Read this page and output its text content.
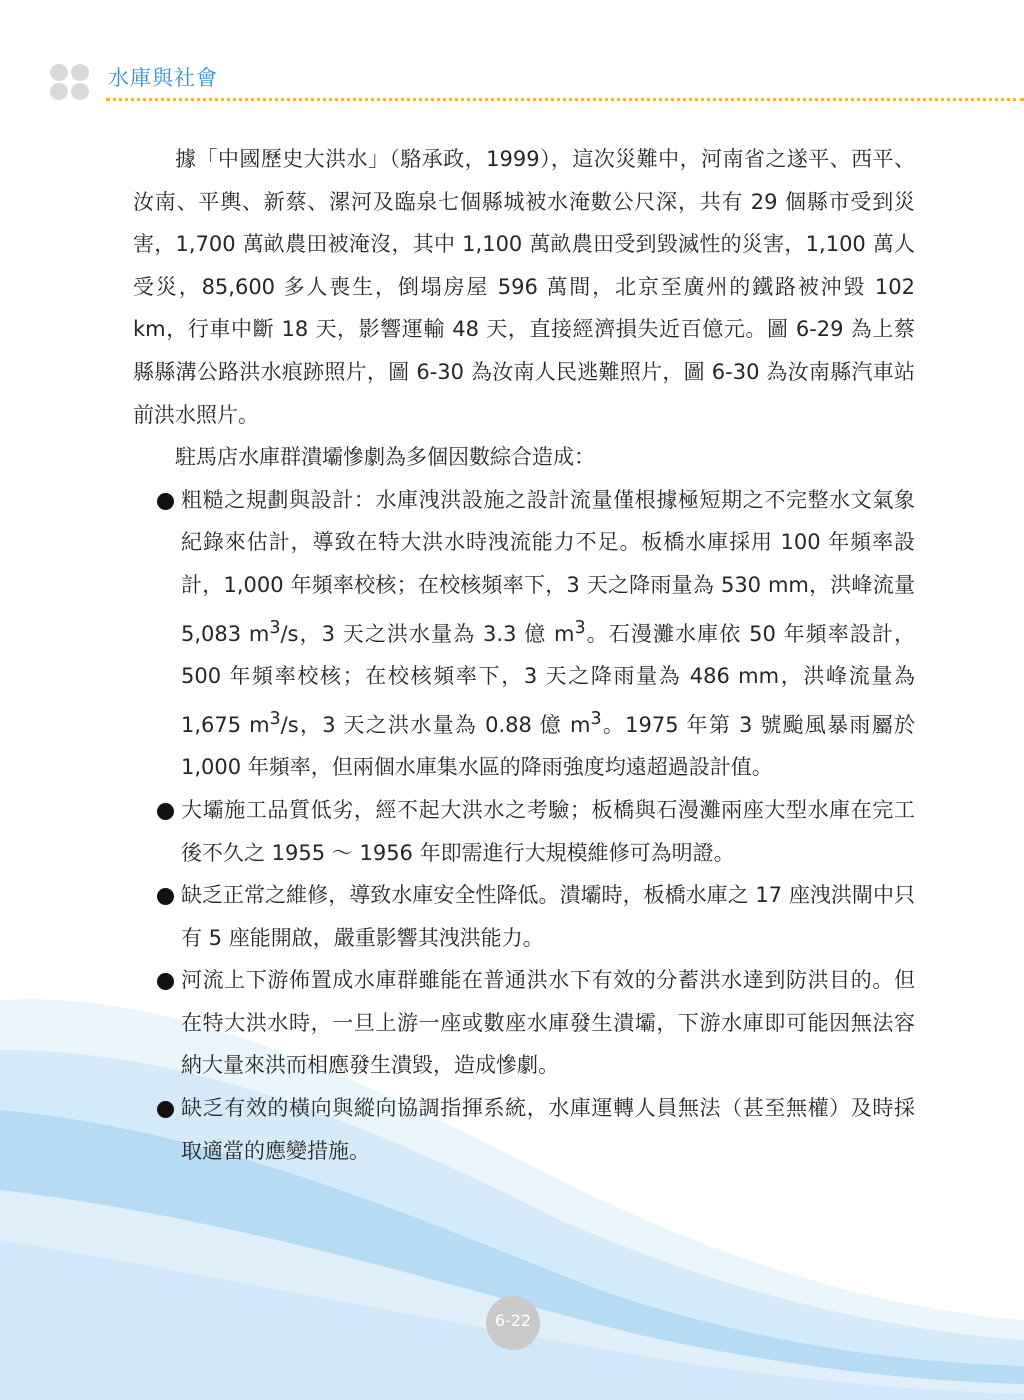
水庫與社會

據「中國歷史大洪水」（駱承政，1999），這次災難中，河南省之遂平、西平、汝南、平輿、新蔡、漯河及臨泉七個縣城被水淹數公尺深，共有 29 個縣市受到災害，1,700 萬畝農田被淹沒，其中 1,100 萬畝農田受到毀滅性的災害，1,100 萬人受災，85,600 多人喪生，倒塌房屋 596 萬間，北京至廣州的鐵路被沖毀 102 km，行車中斷 18 天，影響運輸 48 天，直接經濟損失近百億元。圖 6-29 為上蔡縣縣溝公路洪水痕跡照片，圖 6-30 為汝南人民逃難照片，圖 6-30 為汝南縣汽車站前洪水照片。

駐馬店水庫群潰壩慘劇為多個因數綜合造成：

粗糙之規劃與設計：水庫洩洪設施之設計流量僅根據極短期之不完整水文氣象紀錄來估計，導致在特大洪水時洩流能力不足。板橋水庫採用 100 年頻率設計，1,000 年頻率校核；在校核頻率下，3 天之降雨量為 530 mm，洪峰流量 5,083 $m^3/s$，3 天之洪水量為 3.3 億 $m^3$。石漫灘水庫依 50 年頻率設計，500 年頻率校核；在校核頻率下，3 天之降雨量為 486 mm，洪峰流量為 1,675 $m^3/s$，3 天之洪水量為 0.88 億 $m^3$。1975 年第 3 號颱風暴雨屬於 1,000 年頻率，但兩個水庫集水區的降雨強度均遠超過設計值。
大壩施工品質低劣，經不起大洪水之考驗；板橋與石漫灘兩座大型水庫在完工後不久之 1955 ～ 1956 年即需進行大規模維修可為明證。
缺乏正常之維修，導致水庫安全性降低。潰壩時，板橋水庫之 17 座洩洪閘中只有 5 座能開啟，嚴重影響其洩洪能力。
河流上下游佈置成水庫群雖能在普通洪水下有效的分蓄洪水達到防洪目的。但在特大洪水時，一旦上游一座或數座水庫發生潰壩，下游水庫即可能因無法容納大量來洪而相應發生潰毀，造成慘劇。
缺乏有效的橫向與縱向協調指揮系統，水庫運轉人員無法（甚至無權）及時採取適當的應變措施。
6-22
